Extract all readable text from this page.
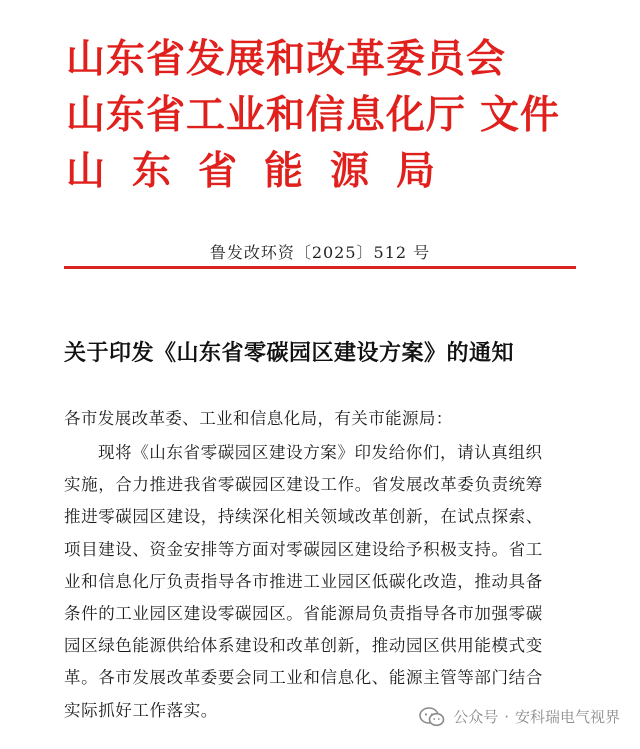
山东省发展和改革委员会
山东省工业和信息化厅 文件
山东省能源局
鲁发改环资〔2025〕512 号
关于印发《山东省零碳园区建设方案》的通知
各市发展改革委、工业和信息化局，有关市能源局：
现将《山东省零碳园区建设方案》印发给你们，请认真组织
实施，合力推进我省零碳园区建设工作。省发展改革委负责统筹
推进零碳园区建设，持续深化相关领域改革创新，在试点探索、
项目建设、资金安排等方面对零碳园区建设给予积极支持。省工
业和信息化厅负责指导各市推进工业园区低碳化改造，推动具备
条件的工业园区建设零碳园区。省能源局负责指导各市加强零碳
园区绿色能源供给体系建设和改革创新，推动园区供用能模式变
革。各市发展改革委要会同工业和信息化、能源主管等部门结合
实际抓好工作落实。	公众号 · 安科瑞电气视界
